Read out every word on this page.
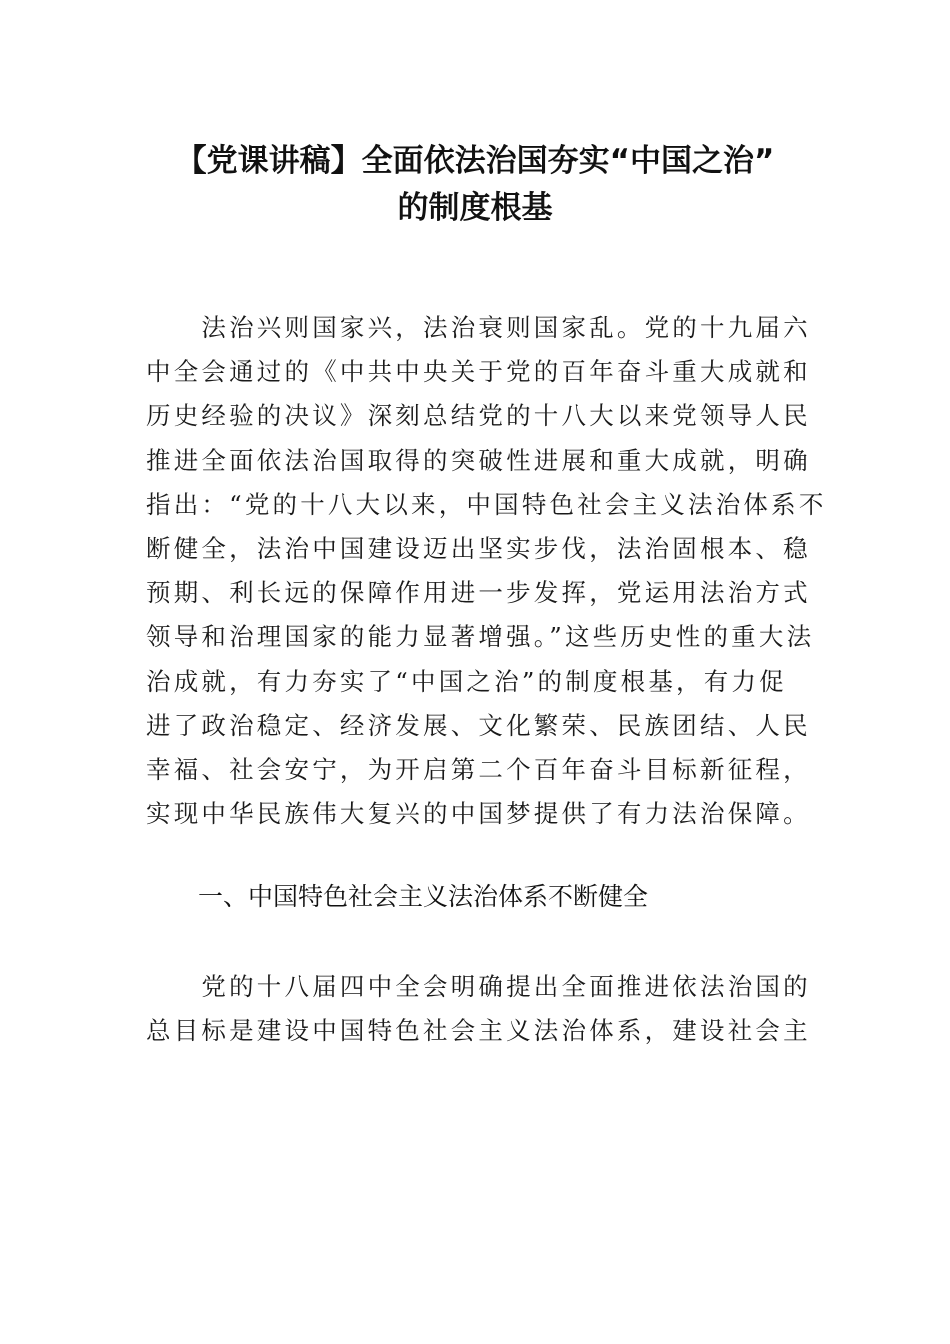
【党课讲稿】全面依法治国夯实“中国之治”
的制度根基

　　法治兴则国家兴，法治衰则国家乱。党的十九届六
中全会通过的《中共中央关于党的百年奋斗重大成就和
历史经验的决议》深刻总结党的十八大以来党领导人民
推进全面依法治国取得的突破性进展和重大成就，明确
指出：“党的十八大以来，中国特色社会主义法治体系不
断健全，法治中国建设迈出坚实步伐，法治固根本、稳
预期、利长远的保障作用进一步发挥，党运用法治方式
领导和治理国家的能力显著增强。”这些历史性的重大法
治成就，有力夯实了“中国之治”的制度根基，有力促
进了政治稳定、经济发展、文化繁荣、民族团结、人民
幸福、社会安宁，为开启第二个百年奋斗目标新征程，
实现中华民族伟大复兴的中国梦提供了有力法治保障。

一、中国特色社会主义法治体系不断健全

　　党的十八届四中全会明确提出全面推进依法治国的
总目标是建设中国特色社会主义法治体系，建设社会主
